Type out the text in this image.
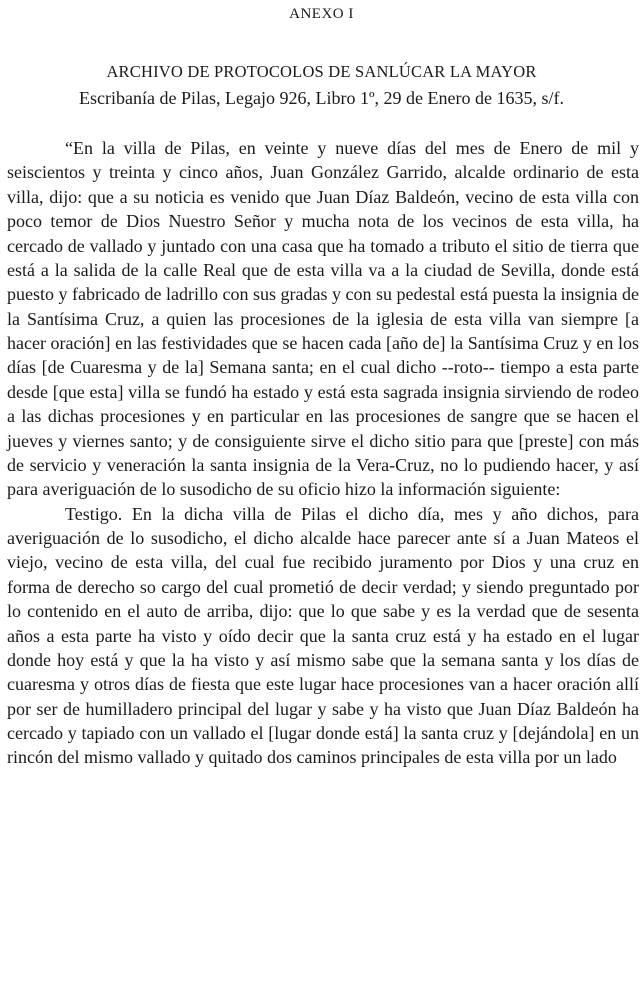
ANEXO I
ARCHIVO DE PROTOCOLOS DE SANLÚCAR LA MAYOR
Escribanía de Pilas, Legajo 926, Libro 1º, 29 de Enero de 1635, s/f.

“En la villa de Pilas, en veinte y nueve días del mes de Enero de mil y seiscientos y treinta y cinco años, Juan González Garrido, alcalde ordinario de esta villa, dijo: que a su noticia es venido que Juan Díaz Baldeón, vecino de esta villa con poco temor de Dios Nuestro Señor y mucha nota de los vecinos de esta villa, ha cercado de vallado y juntado con una casa que ha tomado a tributo el sitio de tierra que está a la salida de la calle Real que de esta villa va a la ciudad de Sevilla, donde está puesto y fabricado de ladrillo con sus gradas y con su pedestal está puesta la insignia de la Santísima Cruz, a quien las procesiones de la iglesia de esta villa van siempre [a hacer oración] en las festividades que se hacen cada [año de] la Santísima Cruz y en los días [de Cuaresma y de la] Semana santa; en el cual dicho --roto-- tiempo a esta parte desde [que esta] villa se fundó ha estado y está esta sagrada insignia sirviendo de rodeo a las dichas procesiones y en particular en las procesiones de sangre que se hacen el jueves y viernes santo; y de consiguiente sirve el dicho sitio para que [preste] con más de servicio y veneración la santa insignia de la Vera-Cruz, no lo pudiendo hacer, y así para averiguación de lo susodicho de su oficio hizo la información siguiente:

Testigo. En la dicha villa de Pilas el dicho día, mes y año dichos, para averiguación de lo susodicho, el dicho alcalde hace parecer ante sí a Juan Mateos el viejo, vecino de esta villa, del cual fue recibido juramento por Dios y una cruz en forma de derecho so cargo del cual prometió de decir verdad; y siendo preguntado por lo contenido en el auto de arriba, dijo: que lo que sabe y es la verdad que de sesenta años a esta parte ha visto y oído decir que la santa cruz está y ha estado en el lugar donde hoy está y que la ha visto y así mismo sabe que la semana santa y los días de cuaresma y otros días de fiesta que este lugar hace procesiones van a hacer oración allí por ser de humilladero principal del lugar y sabe y ha visto que Juan Díaz Baldeón ha cercado y tapiado con un vallado el [lugar donde está] la santa cruz y [dejándola] en un rincón del mismo vallado y quitado dos caminos principales de esta villa por un lado
